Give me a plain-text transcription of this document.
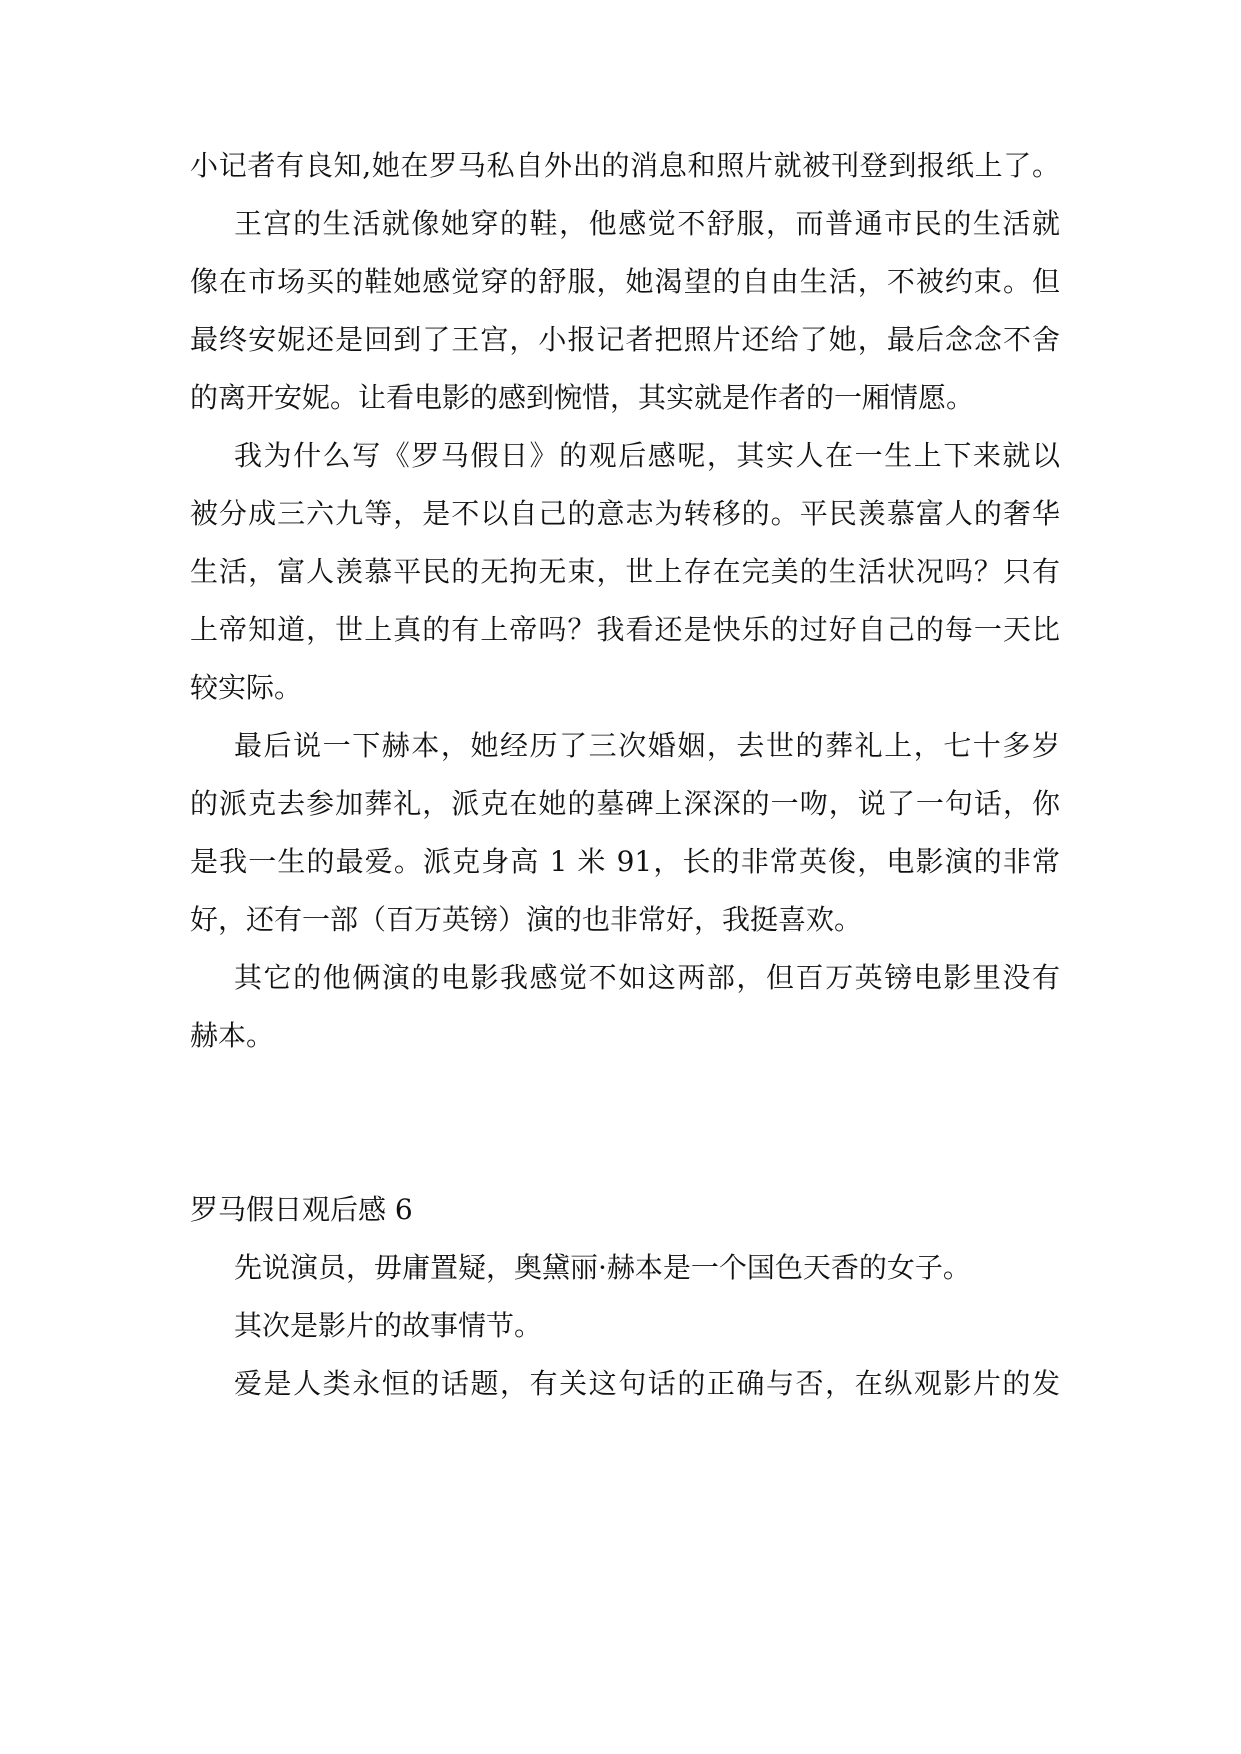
小记者有良知,她在罗马私自外出的消息和照片就被刊登到报纸上了。
王宫的生活就像她穿的鞋，他感觉不舒服，而普通市民的生活就
像在市场买的鞋她感觉穿的舒服，她渴望的自由生活，不被约束。但
最终安妮还是回到了王宫，小报记者把照片还给了她，最后念念不舍
的离开安妮。让看电影的感到惋惜，其实就是作者的一厢情愿。
我为什么写《罗马假日》的观后感呢，其实人在一生上下来就以
被分成三六九等，是不以自己的意志为转移的。平民羡慕富人的奢华
生活，富人羡慕平民的无拘无束，世上存在完美的生活状况吗？只有
上帝知道，世上真的有上帝吗？我看还是快乐的过好自己的每一天比
较实际。
最后说一下赫本，她经历了三次婚姻，去世的葬礼上，七十多岁
的派克去参加葬礼，派克在她的墓碑上深深的一吻，说了一句话，你
是我一生的最爱。派克身高 1 米 91，长的非常英俊，电影演的非常
好，还有一部（百万英镑）演的也非常好，我挺喜欢。
其它的他俩演的电影我感觉不如这两部，但百万英镑电影里没有
赫本。
罗马假日观后感 6
先说演员，毋庸置疑，奥黛丽·赫本是一个国色天香的女子。
其次是影片的故事情节。
爱是人类永恒的话题，有关这句话的正确与否，在纵观影片的发
